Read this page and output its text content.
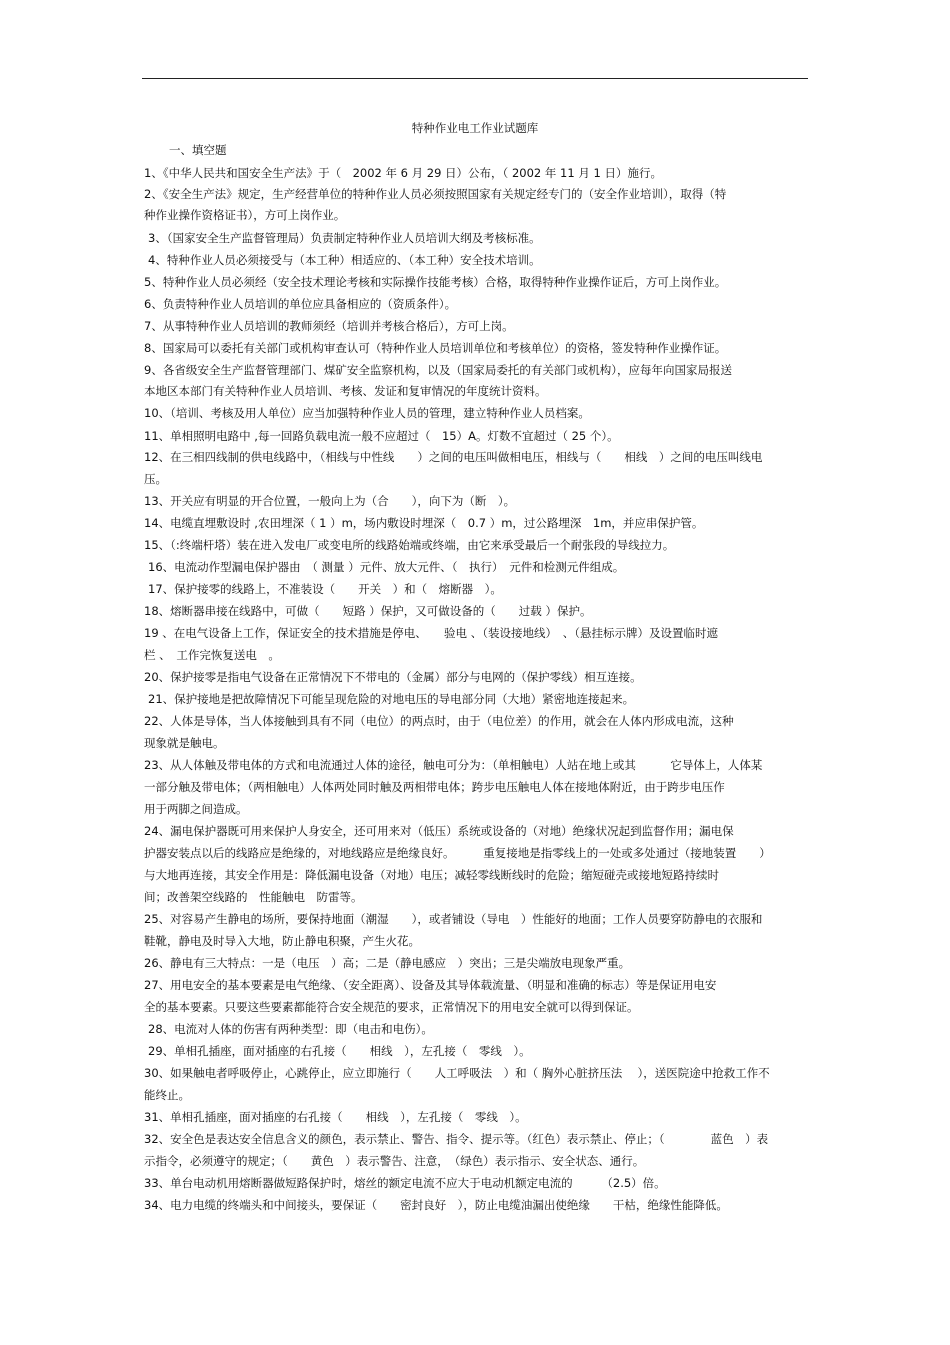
特种作业电工作业试题库
一、填空题
1、《中华人民共和国安全生产法》于（　2002 年 6 月 29 日）公布，（ 2002 年 11 月 1 日）施行。
2、《安全生产法》规定，生产经营单位的特种作业人员必须按照国家有关规定经专门的（安全作业培训），取得（特
种作业操作资格证书），方可上岗作业。
3、（国家安全生产监督管理局）负责制定特种作业人员培训大纲及考核标准。
4、特种作业人员必须接受与（本工种）相适应的、（本工种）安全技术培训。
5、特种作业人员必须经（安全技术理论考核和实际操作技能考核）合格，取得特种作业操作证后，方可上岗作业。
6、负责特种作业人员培训的单位应具备相应的（资质条件）。
7、从事特种作业人员培训的教师须经（培训并考核合格后），方可上岗。
8、国家局可以委托有关部门或机构审查认可（特种作业人员培训单位和考核单位）的资格，签发特种作业操作证。
9、各省级安全生产监督管理部门、煤矿安全监察机构，以及（国家局委托的有关部门或机构），应每年向国家局报送
本地区本部门有关特种作业人员培训、考核、发证和复审情况的年度统计资料。
10、（培训、考核及用人单位）应当加强特种作业人员的管理，建立特种作业人员档案。
11、单相照明电路中 ,每一回路负载电流一般不应超过（　15）A。灯数不宜超过（ 25 个）。
12、在三相四线制的供电线路中，（相线与中性线　　）之间的电压叫做相电压，相线与（　　相线　）之间的电压叫线电
压。
13、开关应有明显的开合位置，一般向上为（合　　），向下为（断　）。
14、电缆直埋敷设时 ,农田埋深（ 1 ）m，场内敷设时埋深（　0.7 ）m，过公路埋深　1m，并应串保护管。
15、（:终端杆塔）装在进入发电厂或变电所的线路始端或终端，由它来承受最后一个耐张段的导线拉力。
16、电流动作型漏电保护器由　（ 测量 ）元件、放大元件、（　执行）　元件和检测元件组成。
17、保护接零的线路上，不准装设（　　开关　）和（　熔断器　）。
18、熔断器串接在线路中，可做（　　短路 ）保护，又可做设备的（　　过载 ）保护。
19 、在电气设备上工作，保证安全的技术措施是停电、　　验电 、（装设接地线）　、（悬挂标示牌）及设置临时遮
栏 、　工作完恢复送电　。
20、保护接零是指电气设备在正常情况下不带电的（金属）部分与电网的（保护零线）相互连接。
21、保护接地是把故障情况下可能呈现危险的对地电压的导电部分同（大地）紧密地连接起来。
22、人体是导体，当人体接触到具有不同（电位）的两点时，由于（电位差）的作用，就会在人体内形成电流，这种
现象就是触电。
23、从人体触及带电体的方式和电流通过人体的途径，触电可分为：（单相触电）人站在地上或其　　　它导体上，人体某
一部分触及带电体；（两相触电）人体两处同时触及两相带电体；跨步电压触电人体在接地体附近，由于跨步电压作
用于两脚之间造成。
24、漏电保护器既可用来保护人身安全，还可用来对（低压）系统或设备的（对地）绝缘状况起到监督作用；漏电保
护器安装点以后的线路应是绝缘的，对地线路应是绝缘良好。　　　重复接地是指零线上的一处或多处通过（接地装置　　）
与大地再连接，其安全作用是：降低漏电设备（对地）电压；减轻零线断线时的危险；缩短碰壳或接地短路持续时
间；改善架空线路的　性能触电　防雷等。
25、对容易产生静电的场所，要保持地面（潮湿　　），或者铺设（导电　）性能好的地面；工作人员要穿防静电的衣服和
鞋靴，静电及时导入大地，防止静电积聚，产生火花。
26、静电有三大特点：一是（电压　）高；二是（静电感应　）突出；三是尖端放电现象严重。
27、用电安全的基本要素是电气绝缘、（安全距离）、设备及其导体载流量、（明显和准确的标志）等是保证用电安
全的基本要素。只要这些要素都能符合安全规范的要求，正常情况下的用电安全就可以得到保证。
28、电流对人体的伤害有两种类型：即（电击和电伤）。
29、单相孔插座，面对插座的右孔接（　　相线　），左孔接（　零线　）。
30、如果触电者呼吸停止，心跳停止，应立即施行（　　人工呼吸法　）和（ 胸外心脏挤压法　 ），送医院途中抢救工作不
能终止。
31、单相孔插座，面对插座的右孔接（　　相线　），左孔接（　零线　）。
32、安全色是表达安全信息含义的颜色，表示禁止、警告、指令、提示等。（红色）表示禁止、停止；（　　　　蓝色　）表
示指令，必须遵守的规定；（　　黄色　）表示警告、注意，　（绿色）表示指示、安全状态、通行。
33、单台电动机用熔断器做短路保护时，熔丝的额定电流不应大于电动机额定电流的　　　（2.5）倍。
34、电力电缆的终端头和中间接头，要保证（　　密封良好　），防止电缆油漏出使绝缘　　干枯，绝缘性能降低。
